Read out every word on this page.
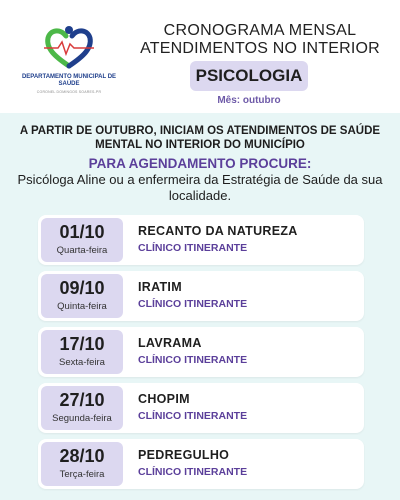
DEPARTAMENTO MUNICIPAL DE SAÚDE
CORONEL DOMINGOS SOARES-PR
CRONOGRAMA MENSAL
ATENDIMENTOS NO INTERIOR
PSICOLOGIA
Mês: outubro
A PARTIR DE OUTUBRO, INICIAM OS ATENDIMENTOS DE SAÚDE MENTAL NO INTERIOR DO MUNICÍPIO
PARA AGENDAMENTO PROCURE:
Psicóloga Aline ou a enfermeira da Estratégia de Saúde da sua localidade.
01/10
Quarta-feira
RECANTO DA NATUREZA
CLÍNICO ITINERANTE
09/10
Quinta-feira
IRATIM
CLÍNICO ITINERANTE
17/10
Sexta-feira
LAVRAMA
CLÍNICO ITINERANTE
27/10
Segunda-feira
CHOPIM
CLÍNICO ITINERANTE
28/10
Terça-feira
PEDREGULHO
CLÍNICO ITINERANTE
